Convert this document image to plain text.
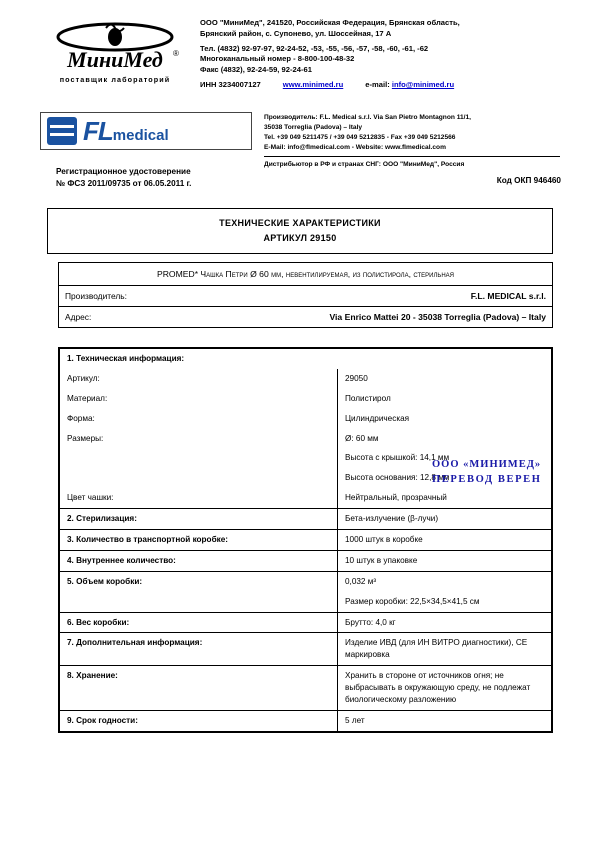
МиниМед ®
поставщик лабораторий
ООО "МиниМед", 241520, Российская Федерация, Брянская область,
Брянский район, с. Супонево, ул. Шоссейная, 17 А
Тел. (4832) 92-97-97, 92-24-52, -53, -55, -56, -57, -58, -60, -61, -62
Многоканальный номер - 8-800-100-48-32
Факс (4832), 92-24-59, 92-24-61
ИНН 3234007127	www.minimed.ru	e-mail: info@minimed.ru
FLmedical
Производитель: F.L. Medical s.r.l. Via San Pietro Montagnon 11/1,
35038 Torreglia (Padova) – Italy
Tel. +39 049 5211475 / +39 049 5212835 - Fax +39 049 5212566
E-Mail: info@flmedical.com - Website: www.flmedical.com
Дистрибьютор в РФ и странах СНГ: ООО "МиниМед", Россия
Регистрационное удостоверение
№ ФСЗ 2011/09735 от 06.05.2011 г.	Код ОКП 946460
ТЕХНИЧЕСКИЕ ХАРАКТЕРИСТИКИ
АРТИКУЛ 29150
PROMED* Чашка Петри Ø 60 мм, невентилируемая, из полистирола, стерильная
Производитель:	F.L. MEDICAL s.r.l.
Адрес:	Via Enrico Mattei 20 - 35038 Torreglia (Padova) – Italy
1. Техническая информация:	
Артикул:	29050
Материал:	Полистирол
Форма:	Цилиндрическая
Размеры:	Ø: 60 мм
	Высота с крышкой: 14,1 мм
	Высота основания: 12,8 мм
Цвет чашки:	Нейтральный, прозрачный
2. Стерилизация:	Бета-излучение (β-лучи)
3. Количество в транспортной коробке:	1000 штук в коробке
4. Внутреннее количество:	10 штук в упаковке
5. Объем коробки:	0,032 м³
	Размер коробки: 22,5×34,5×41,5 см
6. Вес коробки:	Брутто: 4,0 кг
7. Дополнительная информация:	Изделие ИВД (для ИН ВИТРО диагностики), СЕ маркировка
8. Хранение:	Хранить в стороне от источников огня; не выбрасывать в окружающую среду, не подлежат биологическому разложению
9. Срок годности:	5 лет
ООО «МИНИМЕД»
ПЕРЕВОД ВЕРЕН
